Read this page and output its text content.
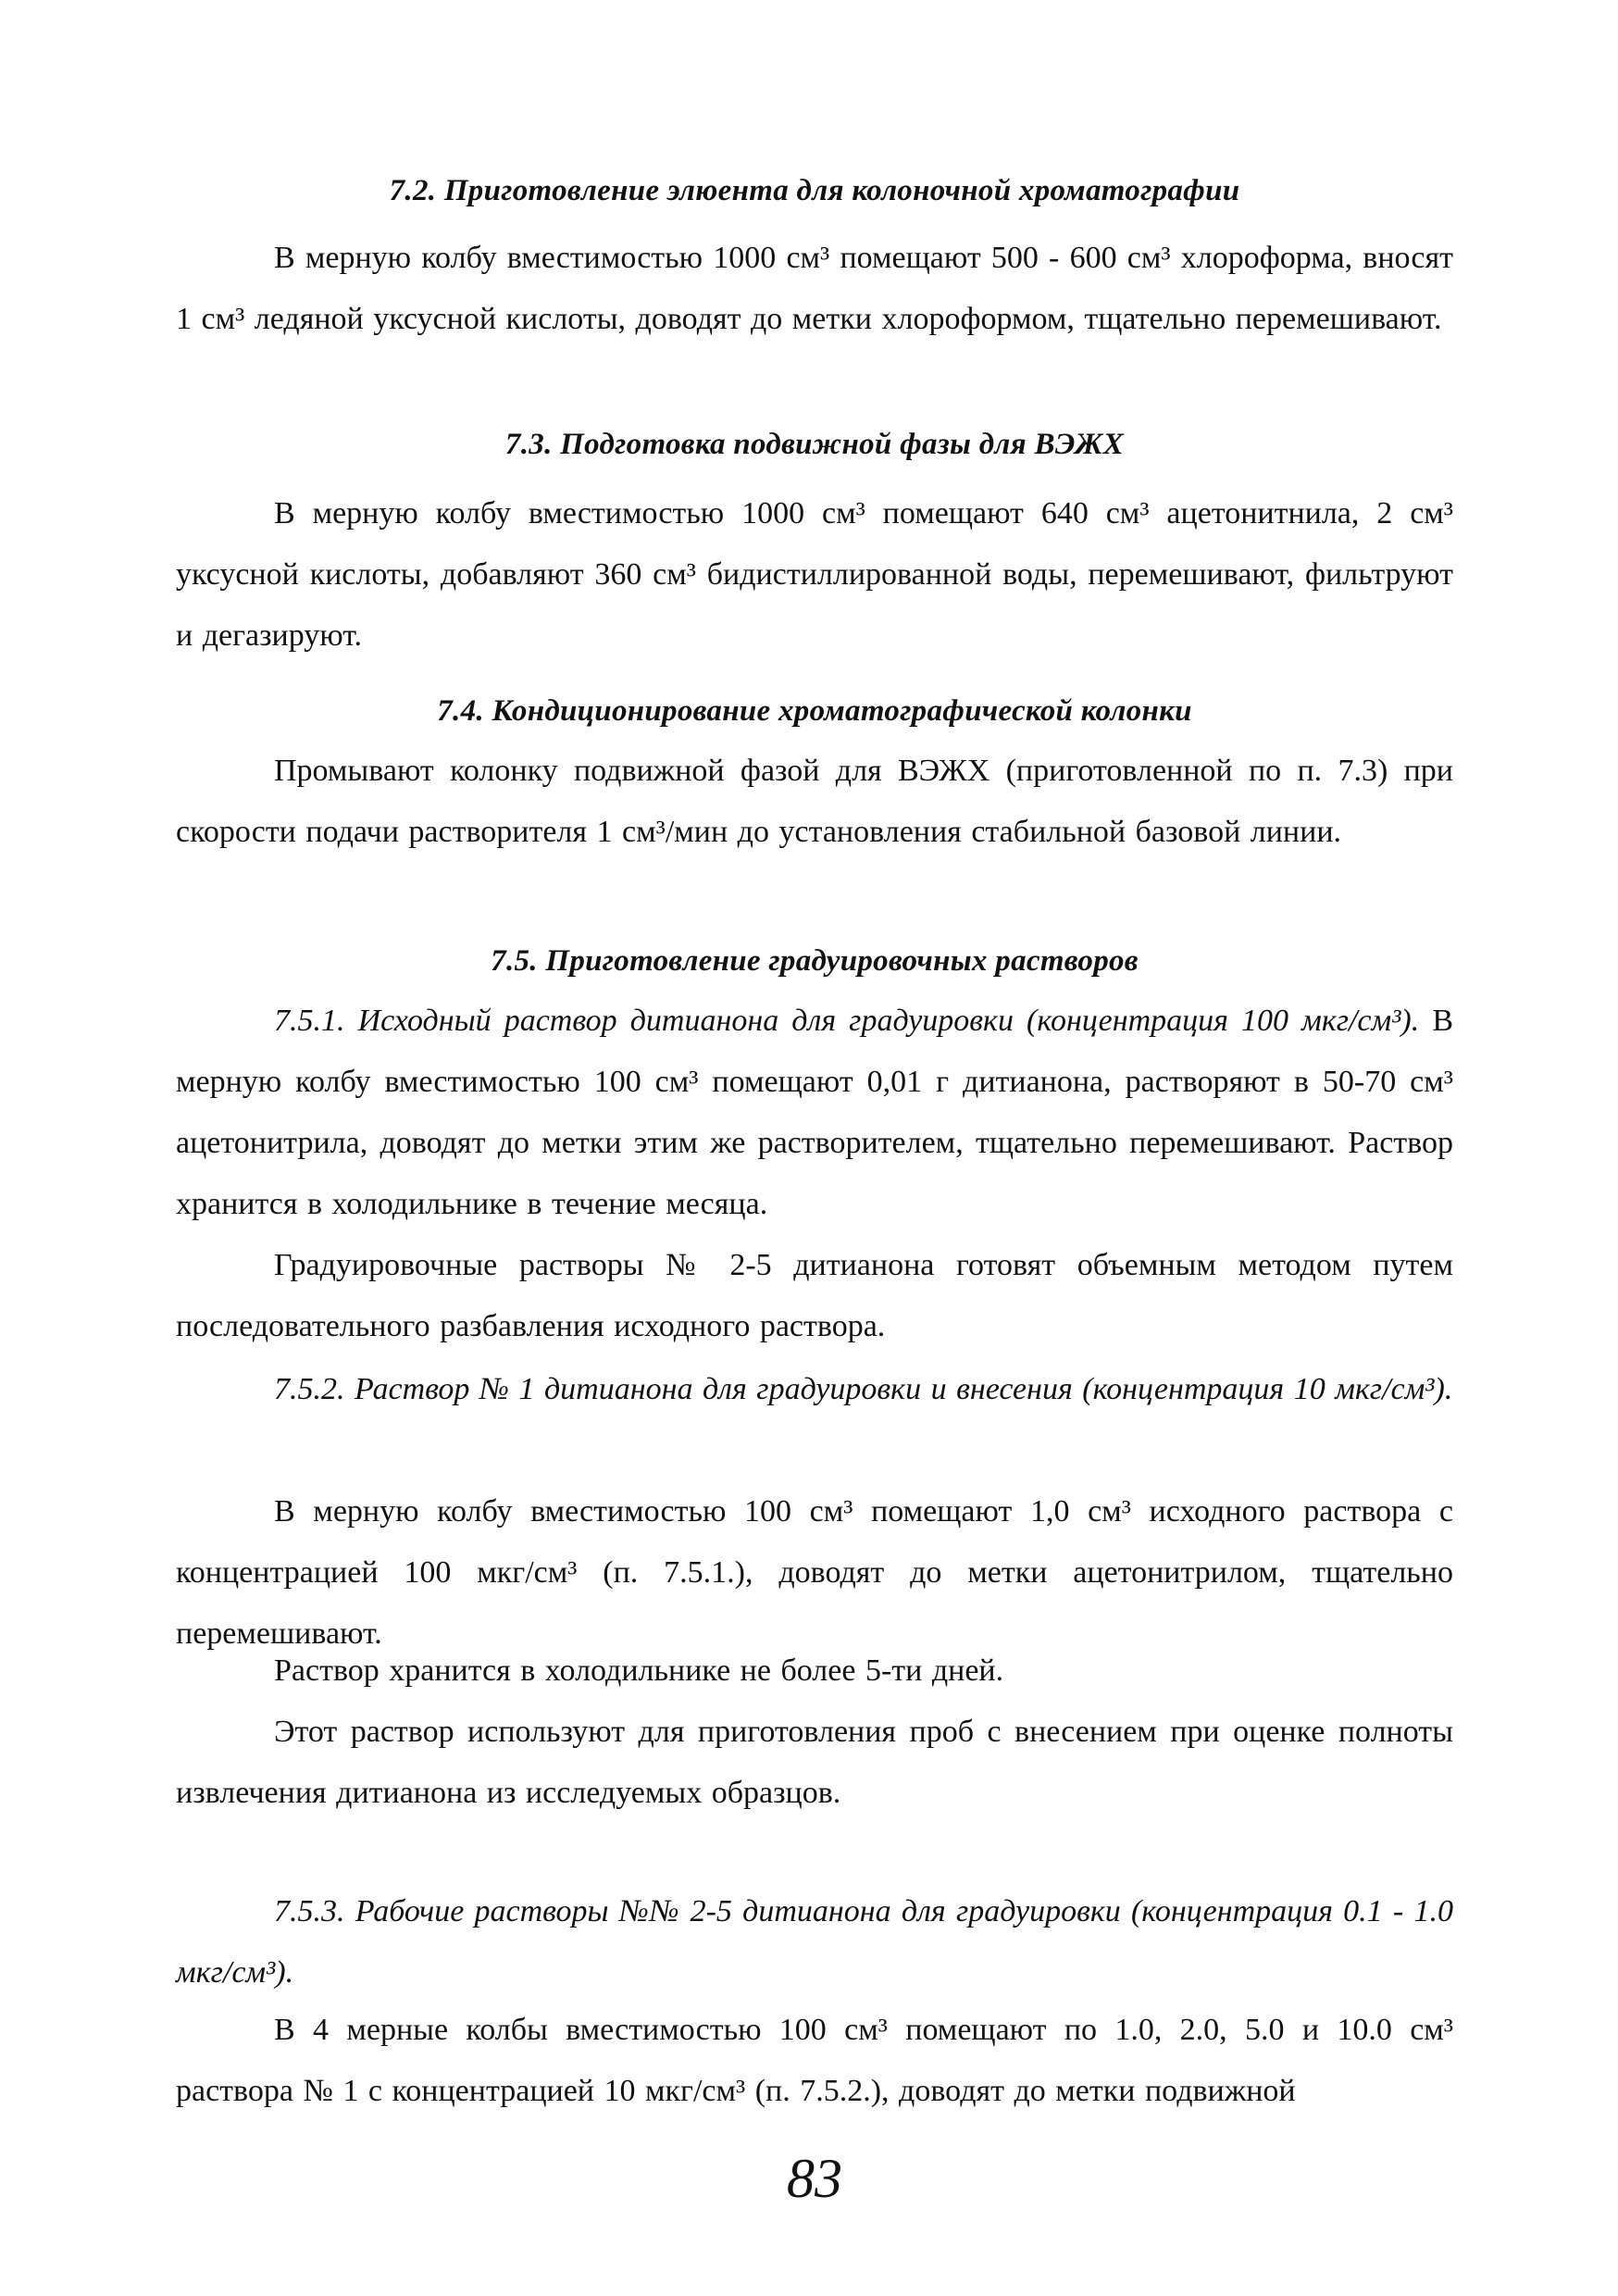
7.2. Приготовление элюента для колоночной хроматографии
В мерную колбу вместимостью 1000 см³ помещают 500 - 600 см³ хлороформа, вносят 1 см³ ледяной уксусной кислоты, доводят до метки хлороформом, тщательно перемешивают.
7.3. Подготовка подвижной фазы для ВЭЖХ
В мерную колбу вместимостью 1000 см³ помещают 640 см³ ацетонитнила, 2 см³ уксусной кислоты, добавляют 360 см³ бидистиллированной воды, перемешивают, фильтруют и дегазируют.
7.4. Кондиционирование хроматографической колонки
Промывают колонку подвижной фазой для ВЭЖХ (приготовленной по п. 7.3) при скорости подачи растворителя 1 см³/мин до установления стабильной базовой линии.
7.5. Приготовление градуировочных растворов
7.5.1. Исходный раствор дитианона для градуировки (концентрация 100 мкг/см³). В мерную колбу вместимостью 100 см³ помещают 0,01 г дитианона, растворяют в 50-70 см³ ацетонитрила, доводят до метки этим же растворителем, тщательно перемешивают. Раствор хранится в холодильнике в течение месяца.
Градуировочные растворы № 2-5 дитианона готовят объемным методом путем последовательного разбавления исходного раствора.
7.5.2. Раствор № 1 дитианона для градуировки и внесения (концентрация 10 мкг/см³).
В мерную колбу вместимостью 100 см³ помещают 1,0 см³ исходного раствора с концентрацией 100 мкг/см³ (п. 7.5.1.), доводят до метки ацетонитрилом, тщательно перемешивают.
Раствор хранится в холодильнике не более 5-ти дней.
Этот раствор используют для приготовления проб с внесением при оценке полноты извлечения дитианона из исследуемых образцов.
7.5.3. Рабочие растворы №№ 2-5 дитианона для градуировки (концентрация 0.1 - 1.0 мкг/см³).
В 4 мерные колбы вместимостью 100 см³ помещают по 1.0, 2.0, 5.0 и 10.0 см³ раствора № 1 с концентрацией 10 мкг/см³ (п. 7.5.2.), доводят до метки подвижной
83
